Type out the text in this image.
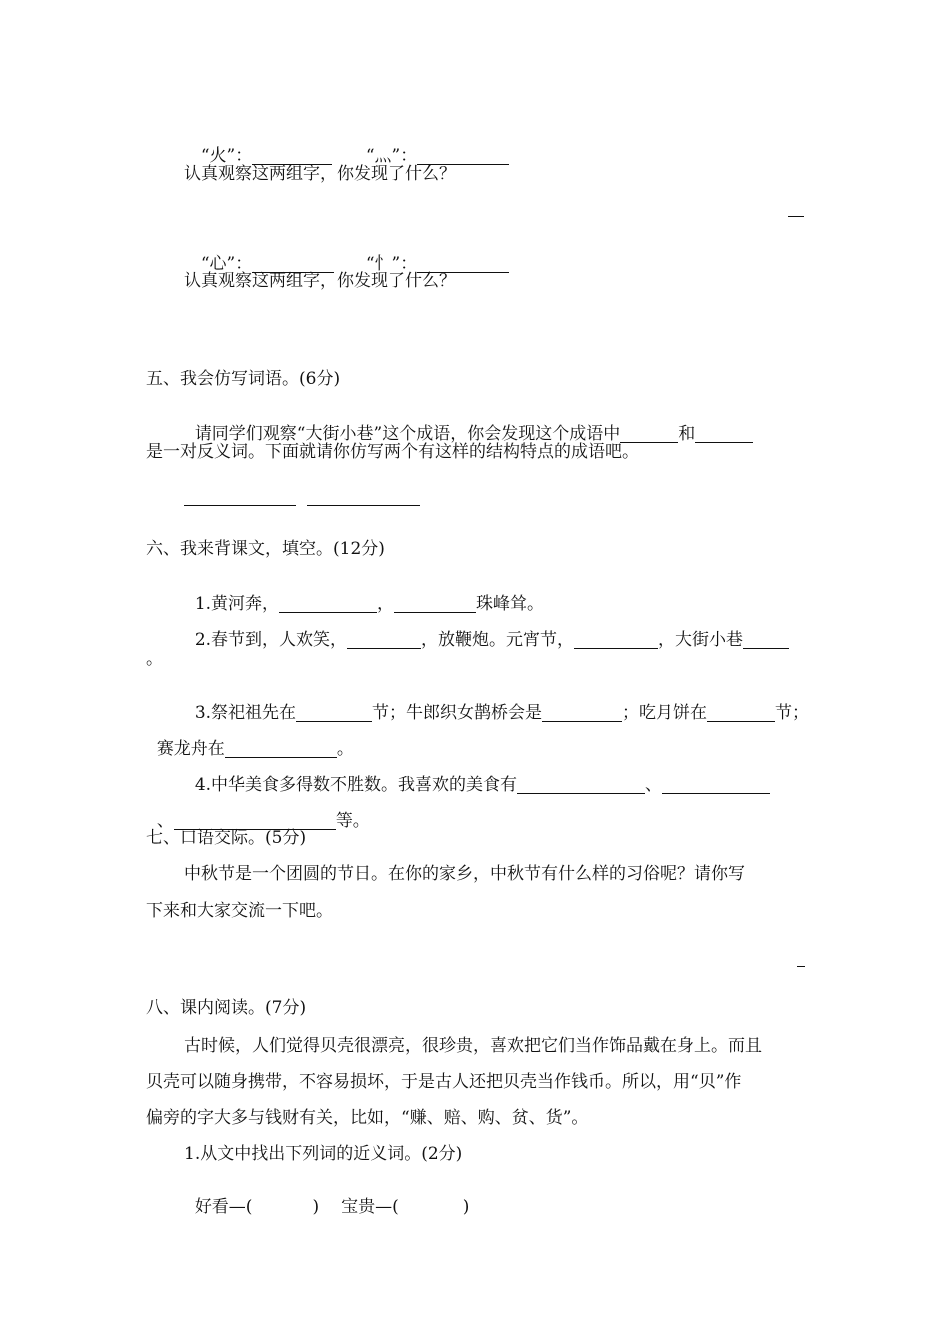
“火”：	“灬”：

认真观察这两组字，你发现了什么？

“心”：	“忄”：

认真观察这两组字，你发现了什么？
五、我会仿写词语。(6分)

请同学们观察“大街小巷”这个成语，你会发现这个成语中	和

是一对反义词。下面就请你仿写两个有这样的结构特点的成语吧。
六、我来背课文，填空。(12分)

1.黄河奔，	，	珠峰耸。

2.春节到，人欢笑，	，放鞭炮。元宵节，	，大街小巷

。

3.祭祀祖先在	节；牛郎织女鹊桥会是	；吃月饼在	节；

赛龙舟在	。

4.中华美食多得数不胜数。我喜欢的美食有	、

、	等。

七、口语交际。(5分)
中秋节是一个团圆的节日。在你的家乡，中秋节有什么样的习俗呢？请你写
下来和大家交流一下吧。
八、课内阅读。(7分)
古时候，人们觉得贝壳很漂亮，很珍贵，喜欢把它们当作饰品戴在身上。而且
贝壳可以随身携带，不容易损坏，于是古人还把贝壳当作钱币。所以，用“贝”作
偏旁的字大多与钱财有关，比如，“赚、赔、购、贫、货”。
1.从文中找出下列词的近义词。(2分)

好看—(	) 宝贵—(	)
